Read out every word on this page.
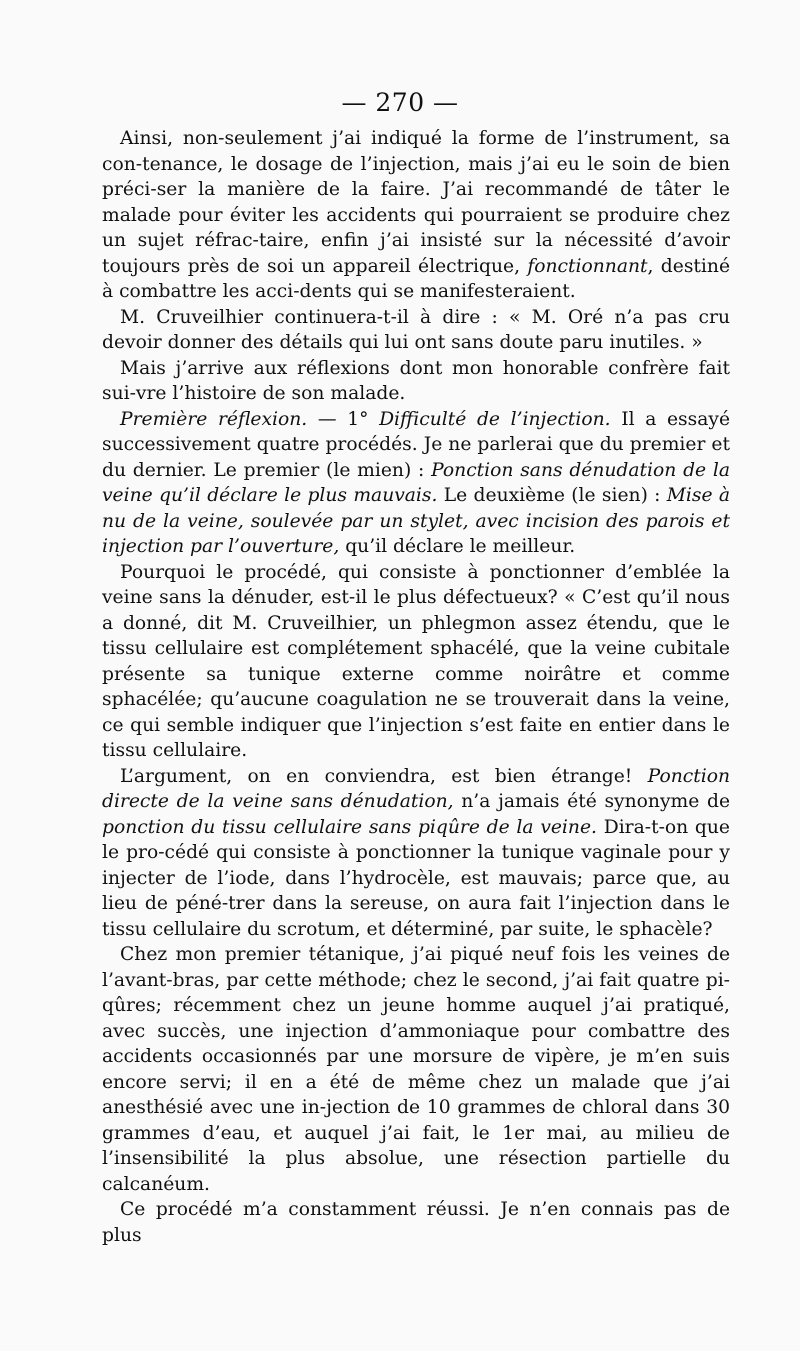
— 270 —

Ainsi, non-seulement j’ai indiqué la forme de l’instrument, sa con-tenance, le dosage de l’injection, mais j’ai eu le soin de bien préci-ser la manière de la faire. J’ai recommandé de tâter le malade pour éviter les accidents qui pourraient se produire chez un sujet réfrac-taire, enfin j’ai insisté sur la nécessité d’avoir toujours près de soi un appareil électrique, fonctionnant, destiné à combattre les acci-dents qui se manifesteraient.

M. Cruveilhier continuera-t-il à dire : « M. Oré n’a pas cru devoir donner des détails qui lui ont sans doute paru inutiles. »

Mais j’arrive aux réflexions dont mon honorable confrère fait sui-vre l’histoire de son malade.

Première réflexion. — 1° Difficulté de l’injection. Il a essayé successivement quatre procédés. Je ne parlerai que du premier et du dernier. Le premier (le mien) : Ponction sans dénudation de la veine qu’il déclare le plus mauvais. Le deuxième (le sien) : Mise à nu de la veine, soulevée par un stylet, avec incision des parois et injection par l’ouverture, qu’il déclare le meilleur.

Pourquoi le procédé, qui consiste à ponctionner d’emblée la veine sans la dénuder, est-il le plus défectueux? « C’est qu’il nous a donné, dit M. Cruveilhier, un phlegmon assez étendu, que le tissu cellulaire est complétement sphacélé, que la veine cubitale présente sa tunique externe comme noirâtre et comme sphacélée; qu’aucune coagulation ne se trouverait dans la veine, ce qui semble indiquer que l’injection s’est faite en entier dans le tissu cellulaire.

L’argument, on en conviendra, est bien étrange! Ponction directe de la veine sans dénudation, n’a jamais été synonyme de ponction du tissu cellulaire sans piqûre de la veine. Dira-t-on que le pro-cédé qui consiste à ponctionner la tunique vaginale pour y injecter de l’iode, dans l’hydrocèle, est mauvais; parce que, au lieu de péné-trer dans la sereuse, on aura fait l’injection dans le tissu cellulaire du scrotum, et déterminé, par suite, le sphacèle?

Chez mon premier tétanique, j’ai piqué neuf fois les veines de l’avant-bras, par cette méthode; chez le second, j’ai fait quatre pi-qûres; récemment chez un jeune homme auquel j’ai pratiqué, avec succès, une injection d’ammoniaque pour combattre des accidents occasionnés par une morsure de vipère, je m’en suis encore servi; il en a été de même chez un malade que j’ai anesthésié avec une in-jection de 10 grammes de chloral dans 30 grammes d’eau, et auquel j’ai fait, le 1er mai, au milieu de l’insensibilité la plus absolue, une résection partielle du calcanéum.

Ce procédé m’a constamment réussi. Je n’en connais pas de plus
